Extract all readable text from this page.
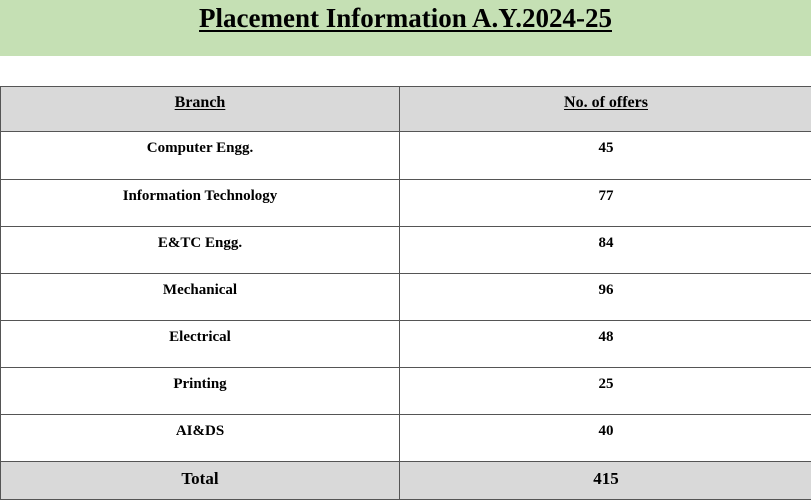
Placement Information A.Y.2024-25
Branch	No. of offers
Computer Engg.	45
Information Technology	77
E&TC Engg.	84
Mechanical	96
Electrical	48
Printing	25
AI&DS	40
Total	415
